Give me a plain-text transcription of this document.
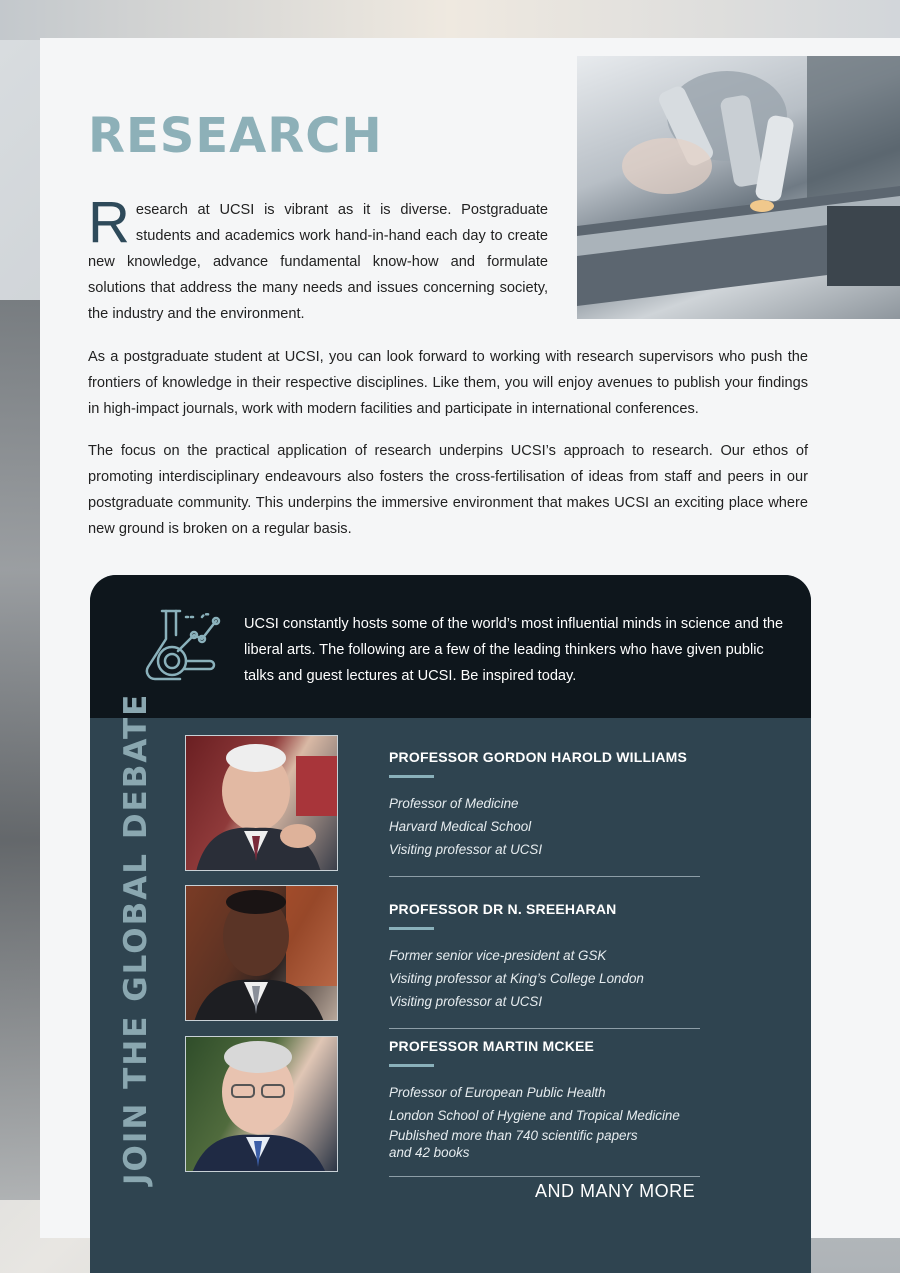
RESEARCH
Research at UCSI is vibrant as it is diverse. Postgraduate students and academics work hand-in-hand each day to create new knowledge, advance fundamental know-how and formulate solutions that address the many needs and issues concerning society, the industry and the environment.
As a postgraduate student at UCSI, you can look forward to working with research supervisors who push the frontiers of knowledge in their respective disciplines. Like them, you will enjoy avenues to publish your findings in high-impact journals, work with modern facilities and participate in international conferences.
The focus on the practical application of research underpins UCSI’s approach to research. Our ethos of promoting interdisciplinary endeavours also fosters the cross-fertilisation of ideas from staff and peers in our postgraduate community. This underpins the immersive environment that makes UCSI an exciting place where new ground is broken on a regular basis.
UCSI constantly hosts some of the world’s most influential minds in science and the liberal arts. The following are a few of the leading thinkers who have given public talks and guest lectures at UCSI. Be inspired today.
JOIN THE GLOBAL DEBATE	PROFESSOR GORDON HAROLD WILLIAMS
Professor of Medicine
Harvard Medical School
Visiting professor at UCSI
PROFESSOR DR N. SREEHARAN
Former senior vice-president at GSK
Visiting professor at King’s College London
Visiting professor at UCSI
PROFESSOR MARTIN MCKEE
Professor of European Public Health
London School of Hygiene and Tropical Medicine
Published more than 740 scientific papers
and 42 books
AND MANY MORE
